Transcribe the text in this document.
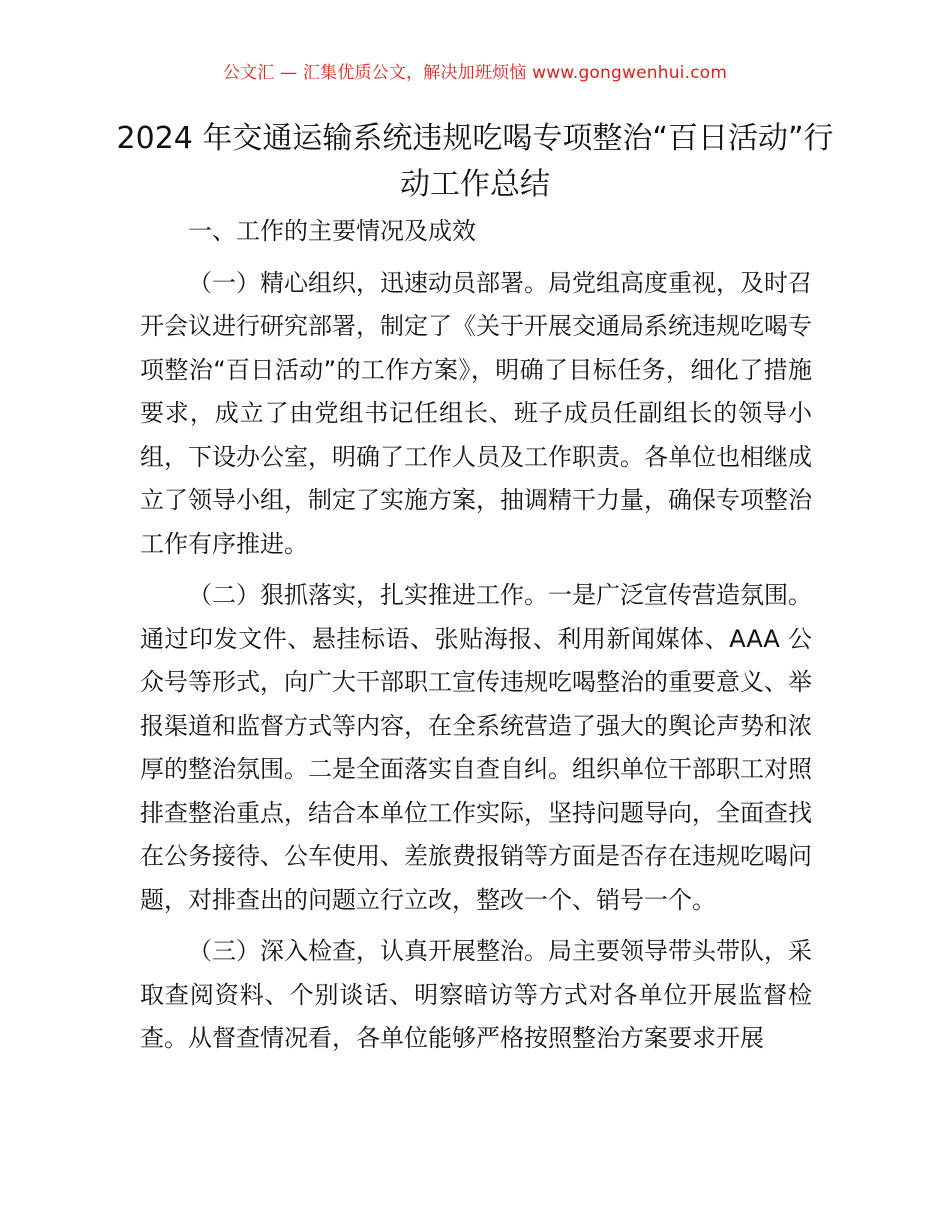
公文汇 — 汇集优质公文，解决加班烦恼 www.gongwenhui.com
2024 年交通运输系统违规吃喝专项整治“百日活动”行动工作总结
一、工作的主要情况及成效

（一）精心组织，迅速动员部署。局党组高度重视，及时召开会议进行研究部署，制定了《关于开展交通局系统违规吃喝专项整治“百日活动”的工作方案》，明确了目标任务，细化了措施要求，成立了由党组书记任组长、班子成员任副组长的领导小组，下设办公室，明确了工作人员及工作职责。各单位也相继成立了领导小组，制定了实施方案，抽调精干力量，确保专项整治工作有序推进。

（二）狠抓落实，扎实推进工作。一是广泛宣传营造氛围。通过印发文件、悬挂标语、张贴海报、利用新闻媒体、AAA 公众号等形式，向广大干部职工宣传违规吃喝整治的重要意义、举报渠道和监督方式等内容，在全系统营造了强大的舆论声势和浓厚的整治氛围。二是全面落实自查自纠。组织单位干部职工对照排查整治重点，结合本单位工作实际，坚持问题导向，全面查找在公务接待、公车使用、差旅费报销等方面是否存在违规吃喝问题，对排查出的问题立行立改，整改一个、销号一个。

（三）深入检查，认真开展整治。局主要领导带头带队，采取查阅资料、个别谈话、明察暗访等方式对各单位开展监督检查。从督查情况看，各单位能够严格按照整治方案要求开展
